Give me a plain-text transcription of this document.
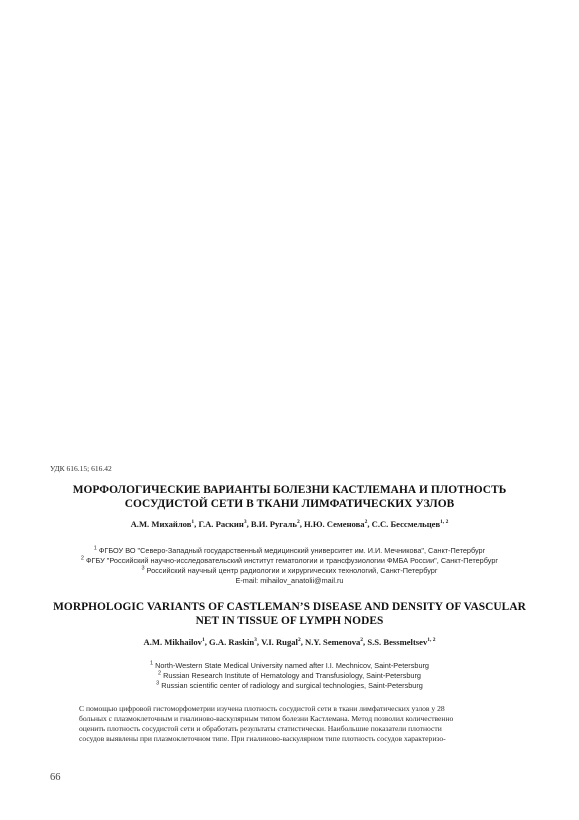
УДК 616.15; 616.42
МОРФОЛОГИЧЕСКИЕ ВАРИАНТЫ БОЛЕЗНИ КАСТЛЕМАНА И ПЛОТНОСТЬ
СОСУДИСТОЙ СЕТИ В ТКАНИ ЛИМФАТИЧЕСКИХ УЗЛОВ
А.М. Михайлов$^1$, Г.А. Раскин$^3$, В.И. Ругаль$^2$, Н.Ю. Семенова$^2$, С.С. Бессмельцев$^{1, 2}$
$^1$ ФГБОУ ВО "Северо-Западный государственный медицинский университет им. И.И. Мечникова", Санкт-Петербург
$^2$ ФГБУ "Российский научно-исследовательский институт гематологии и трансфузиологии ФМБА России", Санкт-Петербург
$^3$ Российский научный центр радиологии и хирургических технологий, Санкт-Петербург
E-mail: mihailov_anatolii@mail.ru
MORPHOLOGIC VARIANTS OF CASTLEMAN’S DISEASE AND DENSITY OF VASCULAR
NET IN TISSUE OF LYMPH NODES
A.M. Mikhailov$^1$, G.A. Raskin$^3$, V.I. Rugal$^2$, N.Y. Semenova$^2$, S.S. Bessmeltsev$^{1, 2}$
$^1$ North-Western State Medical University named after I.I. Mechnicov, Saint-Petersburg
$^2$ Russian Research Institute of Hematology and Transfusiology, Saint-Petersburg
$^3$ Russian scientific center of radiology and surgical technologies, Saint-Petersburg
С помощью цифровой гистоморфометрии изучена плотность сосудистой сети в ткани лимфатических узлов у 28
больных с плазмоклеточным и гиалиново-васкулярным типом болезни Кастлемана. Метод позволил количественно
оценить плотность сосудистой сети и обработать результаты статистически. Наибольшие показатели плотности
сосудов выявлены при плазмоклеточном типе. При гиалиново-васкулярном типе плотность сосудов характеризо-
66
